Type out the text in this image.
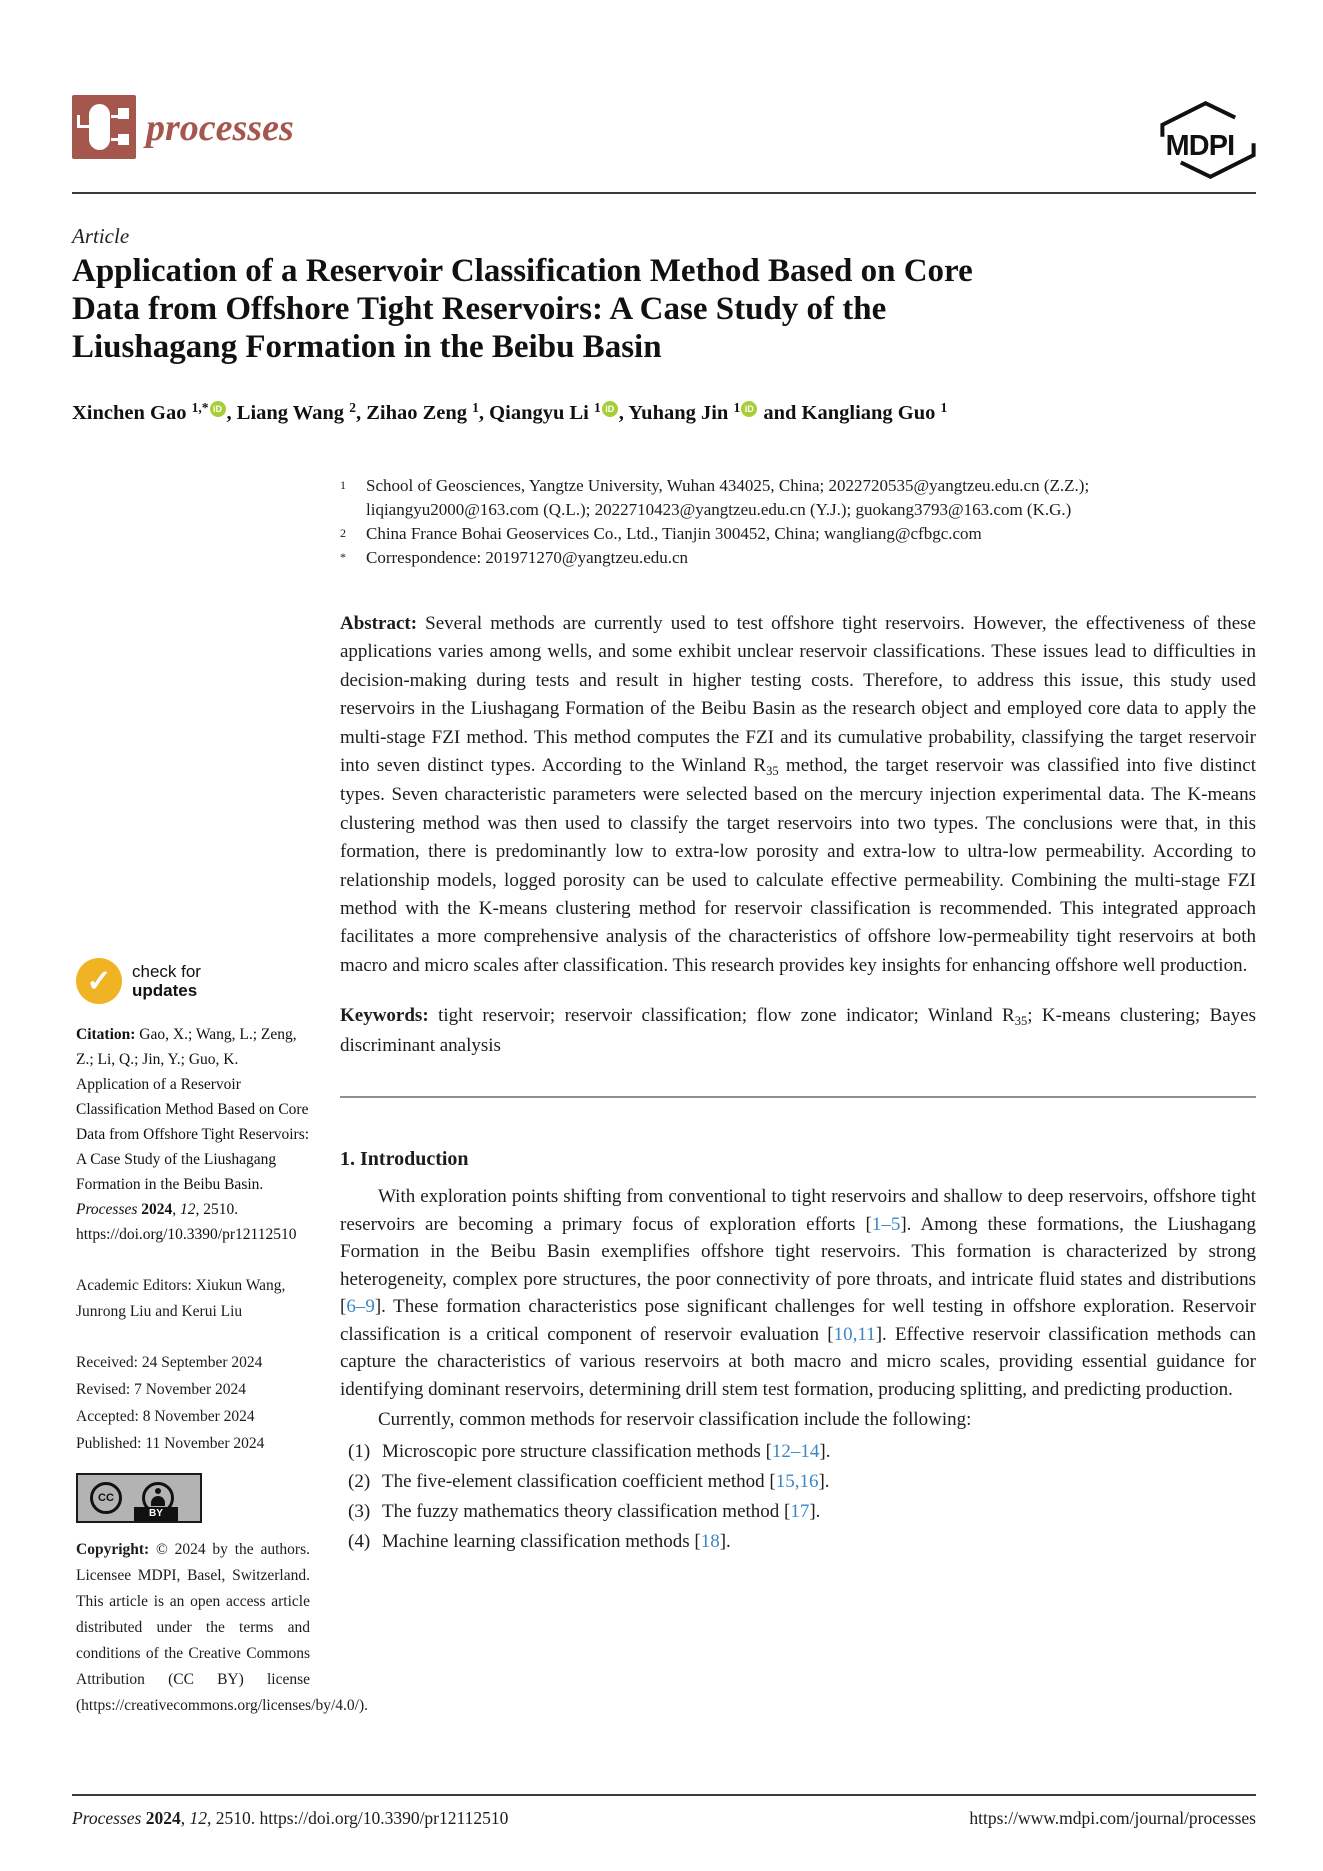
processes	MDPI
Article
Application of a Reservoir Classification Method Based on Core
Data from Offshore Tight Reservoirs: A Case Study of the
Liushagang Formation in the Beibu Basin
Xinchen Gao $^{1,*}$ iD , Liang Wang $^2$, Zihao Zeng $^1$, Qiangyu Li $^1$ iD , Yuhang Jin $^1$ iD and Kangliang Guo $^1$
✓ check for
updates
Citation: Gao, X.; Wang, L.; Zeng, Z.; Li, Q.; Jin, Y.; Guo, K. Application of a Reservoir Classification Method Based on Core Data from Offshore Tight Reservoirs: A Case Study of the Liushagang Formation in the Beibu Basin. Processes 2024, 12, 2510. https://doi.org/10.3390/pr12112510
Academic Editors: Xiukun Wang, Junrong Liu and Kerui Liu
Received: 24 September 2024
Revised: 7 November 2024
Accepted: 8 November 2024
Published: 11 November 2024
CC
BY
Copyright: © 2024 by the authors. Licensee MDPI, Basel, Switzerland. This article is an open access article distributed under the terms and conditions of the Creative Commons Attribution (CC BY) license (https://creativecommons.org/licenses/by/4.0/).
1	School of Geosciences, Yangtze University, Wuhan 434025, China; 2022720535@yangtzeu.edu.cn (Z.Z.); liqiangyu2000@163.com (Q.L.); 2022710423@yangtzeu.edu.cn (Y.J.); guokang3793@163.com (K.G.)
2	China France Bohai Geoservices Co., Ltd., Tianjin 300452, China; wangliang@cfbgc.com
*	Correspondence: 201971270@yangtzeu.edu.cn

Abstract: Several methods are currently used to test offshore tight reservoirs. However, the effectiveness of these applications varies among wells, and some exhibit unclear reservoir classifications. These issues lead to difficulties in decision-making during tests and result in higher testing costs. Therefore, to address this issue, this study used reservoirs in the Liushagang Formation of the Beibu Basin as the research object and employed core data to apply the multi-stage FZI method. This method computes the FZI and its cumulative probability, classifying the target reservoir into seven distinct types. According to the Winland R35 method, the target reservoir was classified into five distinct types. Seven characteristic parameters were selected based on the mercury injection experimental data. The K-means clustering method was then used to classify the target reservoirs into two types. The conclusions were that, in this formation, there is predominantly low to extra-low porosity and extra-low to ultra-low permeability. According to relationship models, logged porosity can be used to calculate effective permeability. Combining the multi-stage FZI method with the K-means clustering method for reservoir classification is recommended. This integrated approach facilitates a more comprehensive analysis of the characteristics of offshore low-permeability tight reservoirs at both macro and micro scales after classification. This research provides key insights for enhancing offshore well production.

Keywords: tight reservoir; reservoir classification; flow zone indicator; Winland R35; K-means clustering; Bayes discriminant analysis

1. Introduction

With exploration points shifting from conventional to tight reservoirs and shallow to deep reservoirs, offshore tight reservoirs are becoming a primary focus of exploration efforts [1–5]. Among these formations, the Liushagang Formation in the Beibu Basin exemplifies offshore tight reservoirs. This formation is characterized by strong heterogeneity, complex pore structures, the poor connectivity of pore throats, and intricate fluid states and distributions [6–9]. These formation characteristics pose significant challenges for well testing in offshore exploration. Reservoir classification is a critical component of reservoir evaluation [10,11]. Effective reservoir classification methods can capture the characteristics of various reservoirs at both macro and micro scales, providing essential guidance for identifying dominant reservoirs, determining drill stem test formation, producing splitting, and predicting production.

Currently, common methods for reservoir classification include the following:

(1) Microscopic pore structure classification methods [12–14].
(2) The five-element classification coefficient method [15,16].
(3) The fuzzy mathematics theory classification method [17].
(4) Machine learning classification methods [18].
Processes 2024, 12, 2510. https://doi.org/10.3390/pr12112510	https://www.mdpi.com/journal/processes
